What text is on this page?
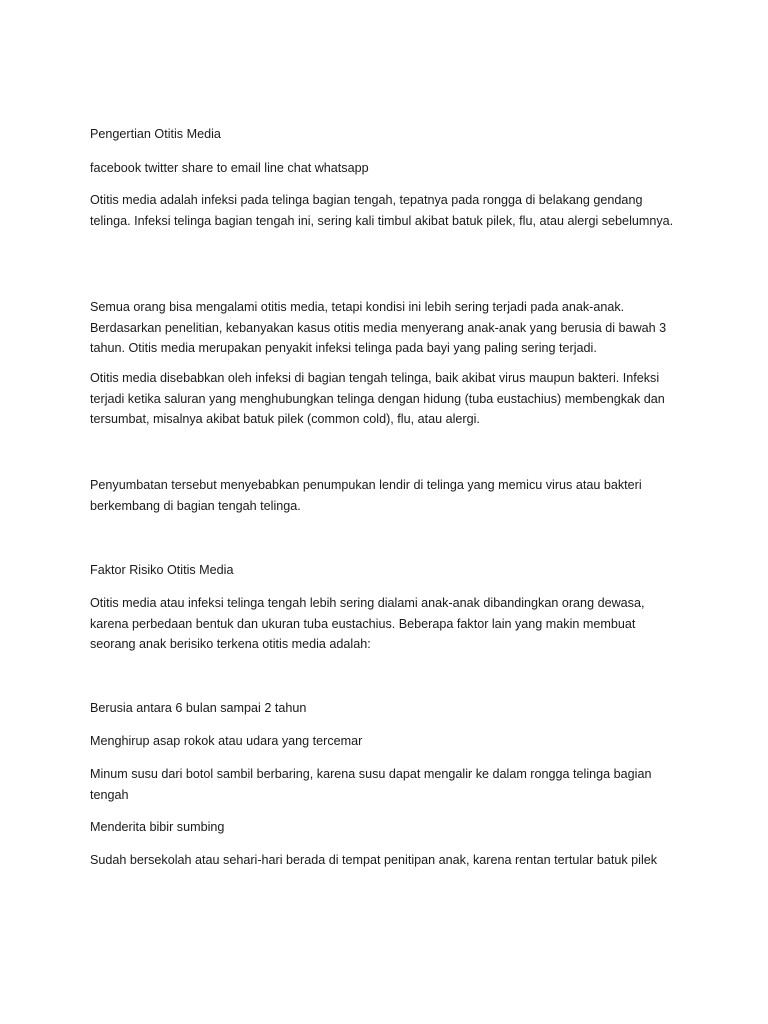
Pengertian Otitis Media

facebook twitter share to email line chat whatsapp

Otitis media adalah infeksi pada telinga bagian tengah, tepatnya pada rongga di belakang gendang telinga. Infeksi telinga bagian tengah ini, sering kali timbul akibat batuk pilek, flu, atau alergi sebelumnya.

Semua orang bisa mengalami otitis media, tetapi kondisi ini lebih sering terjadi pada anak-anak. Berdasarkan penelitian, kebanyakan kasus otitis media menyerang anak-anak yang berusia di bawah 3 tahun. Otitis media merupakan penyakit infeksi telinga pada bayi yang paling sering terjadi.

Otitis media disebabkan oleh infeksi di bagian tengah telinga, baik akibat virus maupun bakteri. Infeksi terjadi ketika saluran yang menghubungkan telinga dengan hidung (tuba eustachius) membengkak dan tersumbat, misalnya akibat batuk pilek (common cold), flu, atau alergi.

Penyumbatan tersebut menyebabkan penumpukan lendir di telinga yang memicu virus atau bakteri berkembang di bagian tengah telinga.

Faktor Risiko Otitis Media

Otitis media atau infeksi telinga tengah lebih sering dialami anak-anak dibandingkan orang dewasa, karena perbedaan bentuk dan ukuran tuba eustachius. Beberapa faktor lain yang makin membuat seorang anak berisiko terkena otitis media adalah:

Berusia antara 6 bulan sampai 2 tahun

Menghirup asap rokok atau udara yang tercemar

Minum susu dari botol sambil berbaring, karena susu dapat mengalir ke dalam rongga telinga bagian tengah

Menderita bibir sumbing

Sudah bersekolah atau sehari-hari berada di tempat penitipan anak, karena rentan tertular batuk pilek
